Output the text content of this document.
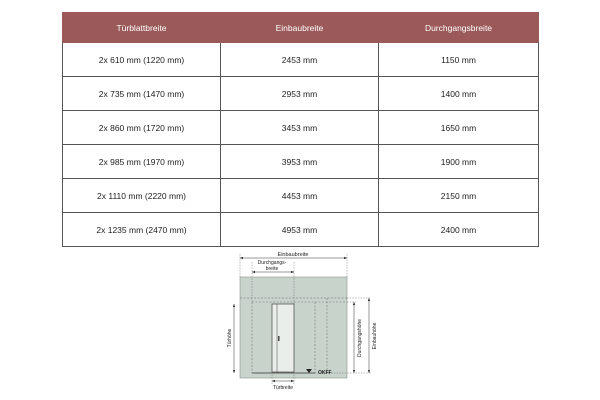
Türblattbreite	Einbaubreite	Durchgangsbreite
2x 610 mm (1220 mm)	2453 mm	1150 mm
2x 735 mm (1470 mm)	2953 mm	1400 mm
2x 860 mm (1720 mm)	3453 mm	1650 mm
2x 985 mm (1970 mm)	3953 mm	1900 mm
2x 1110 mm (2220 mm)	4453 mm	2150 mm
2x 1235 mm (2470 mm)	4953 mm	2400 mm
Einbaubreite
Durchgangs-
breite
Türhöhe	Durchgangshöhe Einbauhöhe
Türbreite
OKFF
